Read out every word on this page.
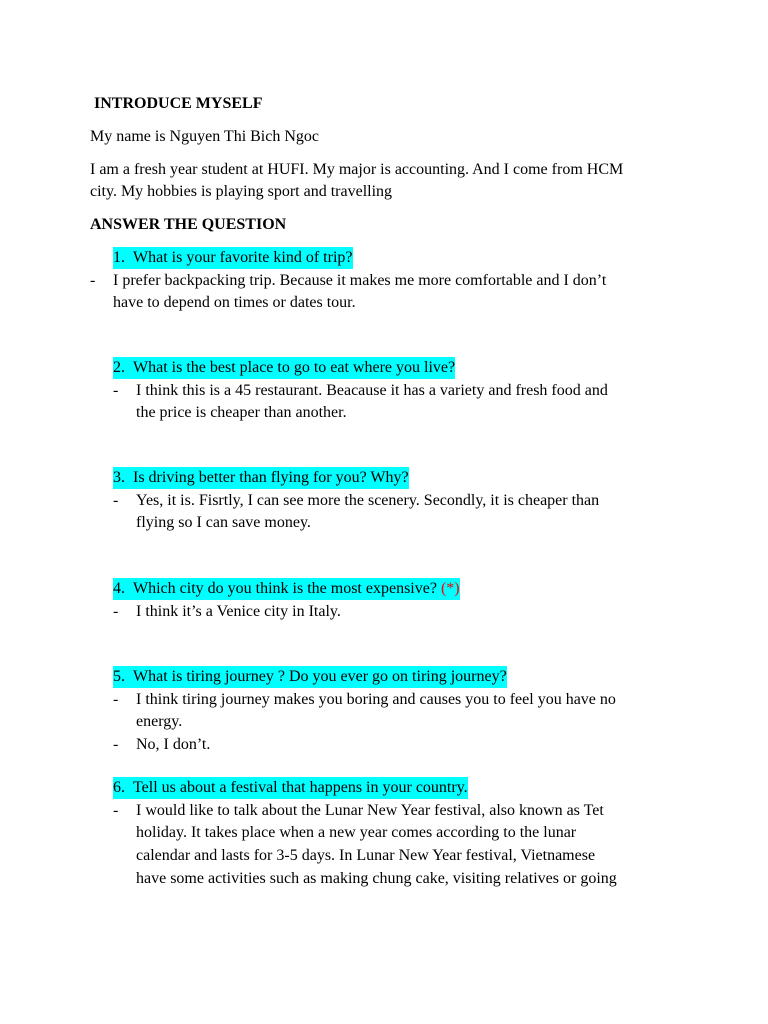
INTRODUCE MYSELF
My name is Nguyen Thi Bich Ngoc
I am a fresh year student at HUFI. My major is accounting. And I come from HCM
city. My hobbies is playing sport and travelling
ANSWER THE QUESTION
1. What is your favorite kind of trip?
- I prefer backpacking trip. Because it makes me more comfortable and I don’t
have to depend on times or dates tour.
2. What is the best place to go to eat where you live?
- I think this is a 45 restaurant. Beacause it has a variety and fresh food and
the price is cheaper than another.
3. Is driving better than flying for you? Why?
- Yes, it is. Fisrtly, I can see more the scenery. Secondly, it is cheaper than
flying so I can save money.
4. Which city do you think is the most expensive? (*)
- I think it’s a Venice city in Italy.
5. What is tiring journey ? Do you ever go on tiring journey?
- I think tiring journey makes you boring and causes you to feel you have no
energy.
- No, I don’t.
6. Tell us about a festival that happens in your country.
- I would like to talk about the Lunar New Year festival, also known as Tet
holiday. It takes place when a new year comes according to the lunar
calendar and lasts for 3-5 days. In Lunar New Year festival, Vietnamese
have some activities such as making chung cake, visiting relatives or going
